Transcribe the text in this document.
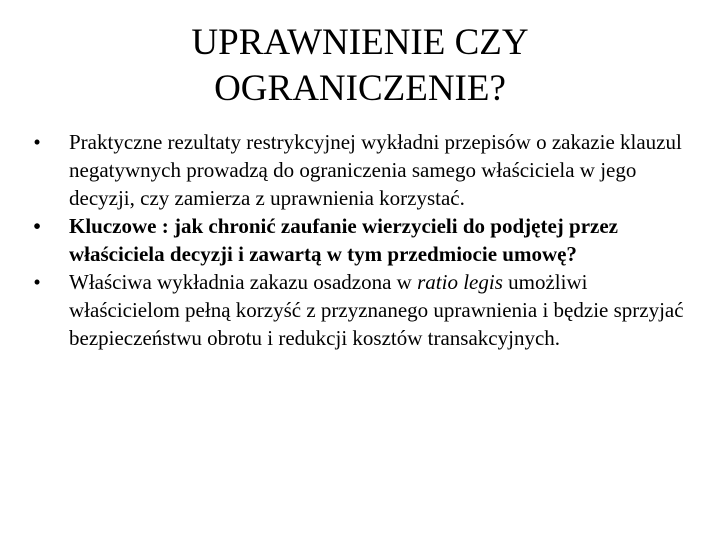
UPRAWNIENIE CZY
OGRANICZENIE?
• Praktyczne rezultaty restrykcyjnej wykładni przepisów o zakazie klauzul negatywnych prowadzą do ograniczenia samego właściciela w jego decyzji, czy zamierza z uprawnienia korzystać.
• Kluczowe : jak chronić zaufanie wierzycieli do podjętej przez właściciela decyzji i zawartą w tym przedmiocie umowę?
• Właściwa wykładnia zakazu osadzona w ratio legis umożliwi właścicielom pełną korzyść z przyznanego uprawnienia i będzie sprzyjać bezpieczeństwu obrotu i redukcji kosztów transakcyjnych.
